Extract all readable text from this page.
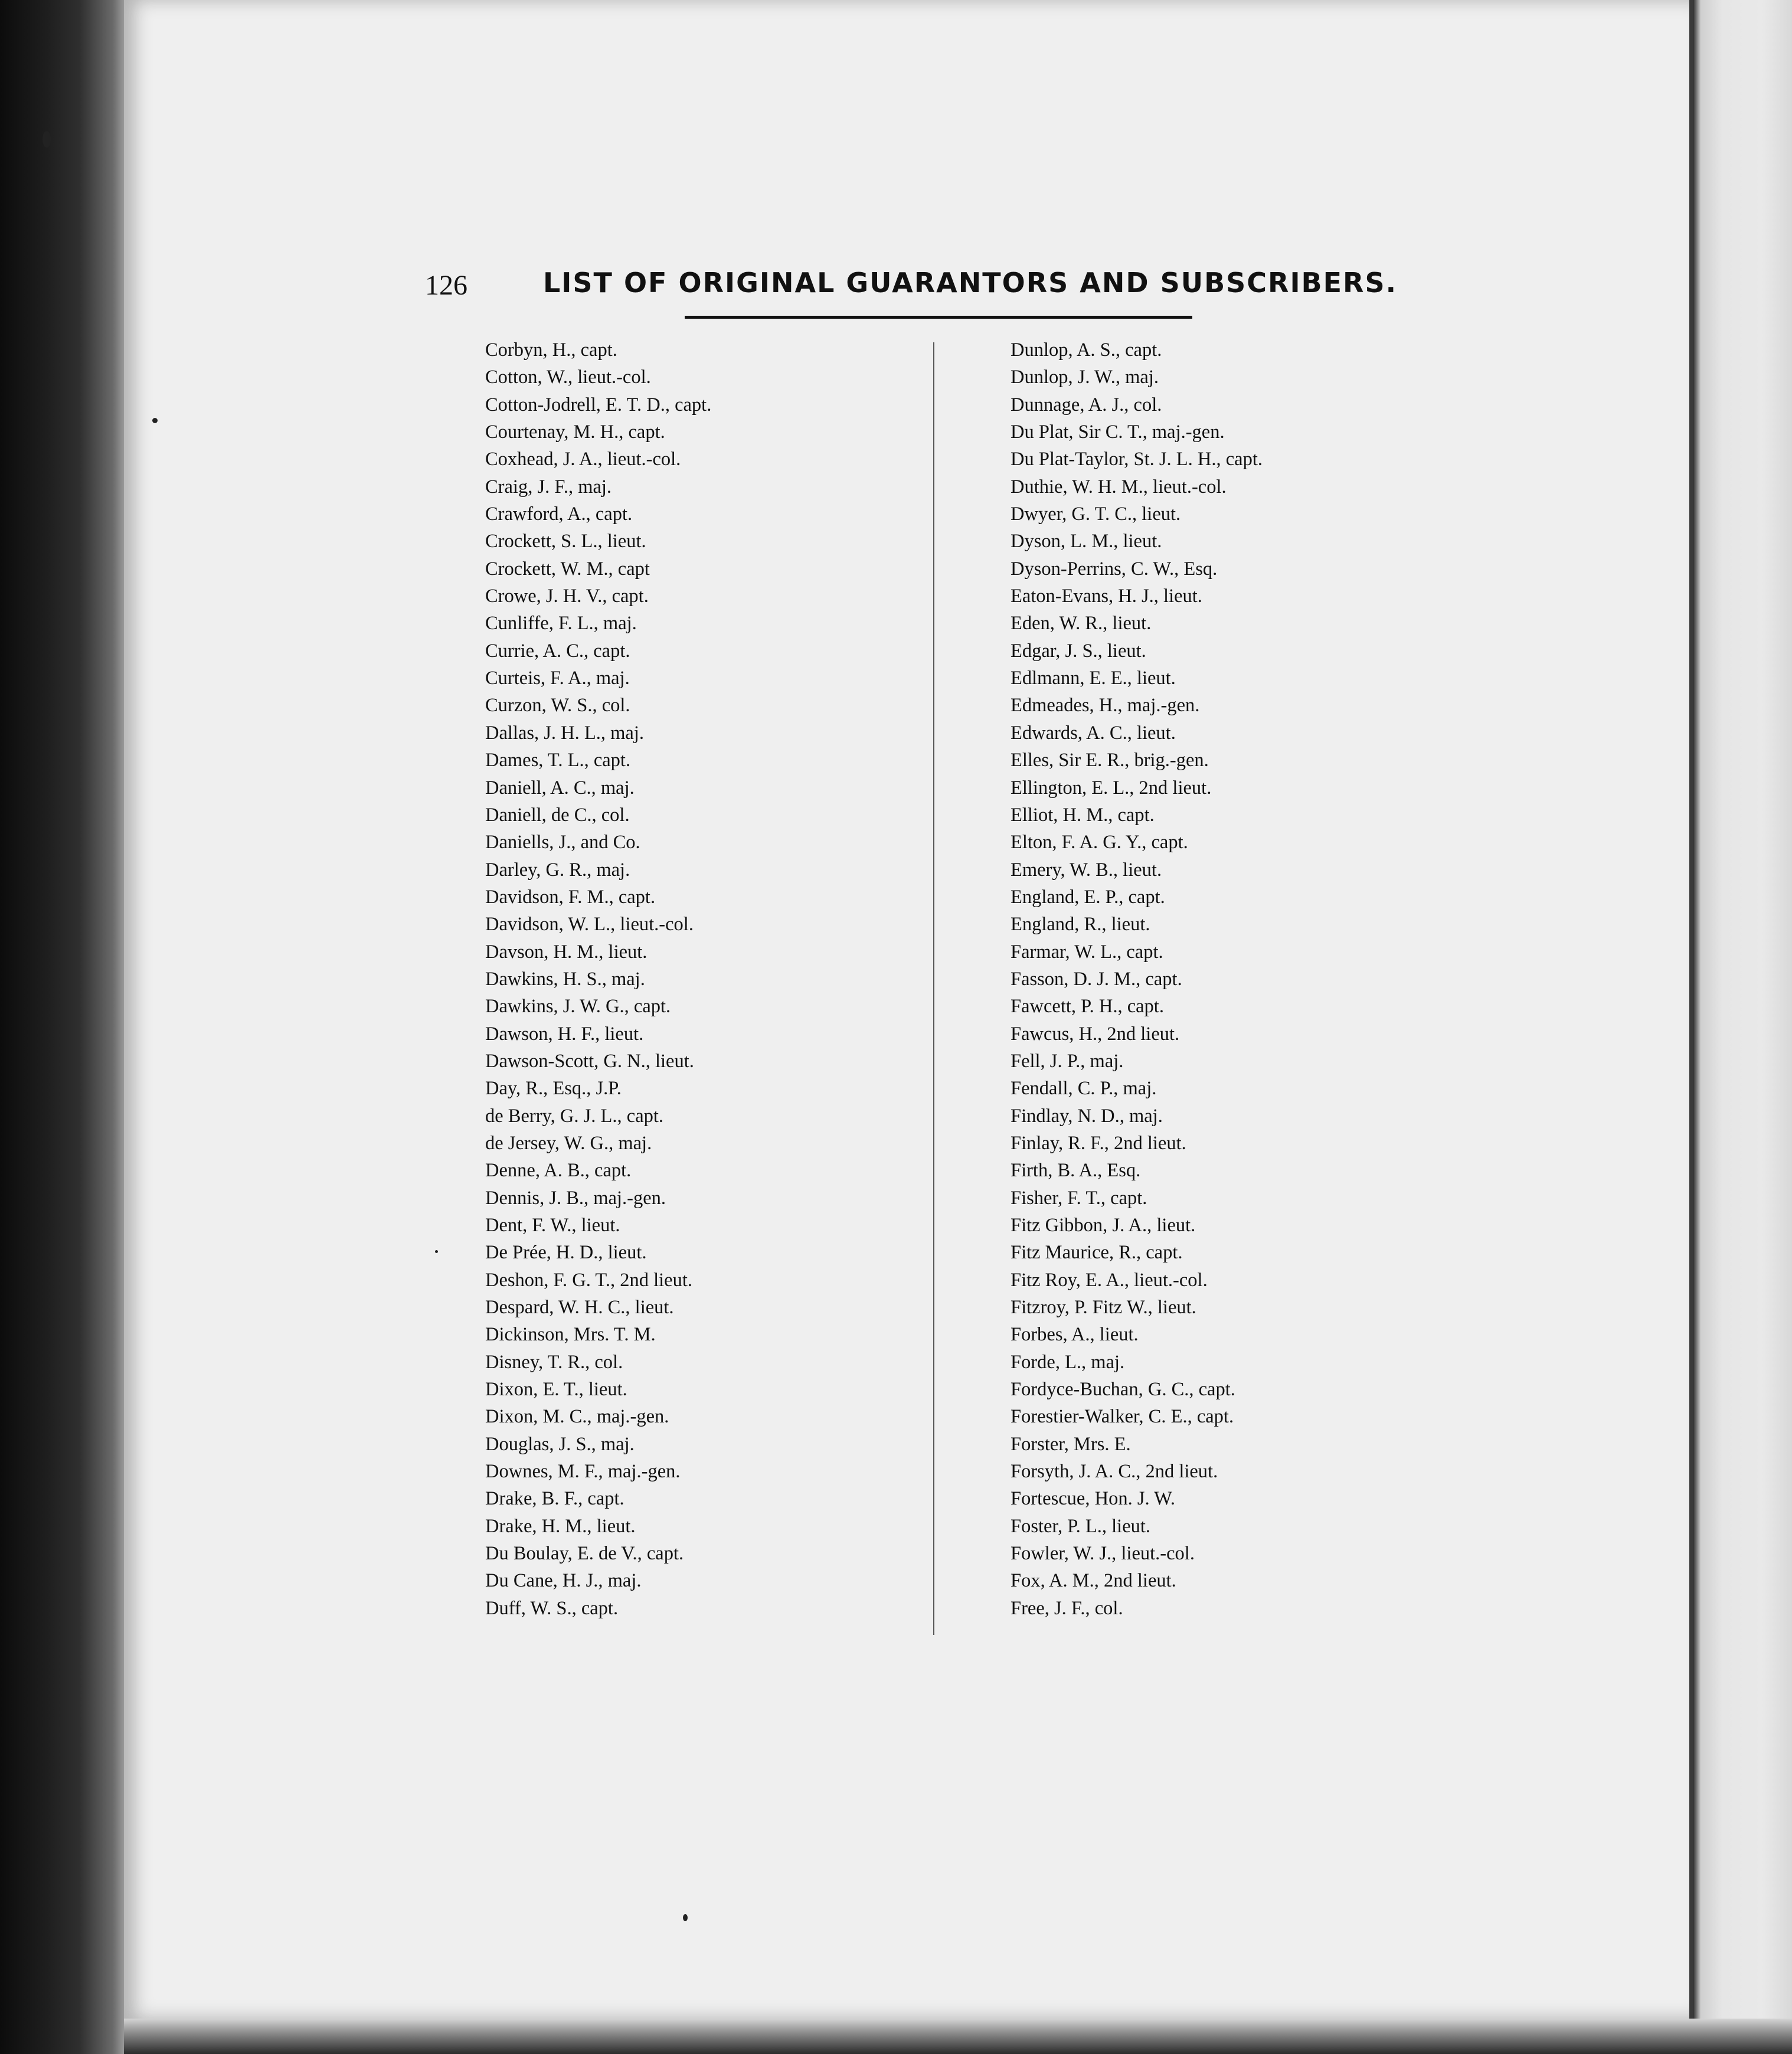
126	LIST OF ORIGINAL GUARANTORS AND SUBSCRIBERS.
Corbyn, H., capt.
Cotton, W., lieut.-col.
Cotton-Jodrell, E. T. D., capt.
Courtenay, M. H., capt.
Coxhead, J. A., lieut.-col.
Craig, J. F., maj.
Crawford, A., capt.
Crockett, S. L., lieut.
Crockett, W. M., capt
Crowe, J. H. V., capt.
Cunliffe, F. L., maj.
Currie, A. C., capt.
Curteis, F. A., maj.
Curzon, W. S., col.
Dallas, J. H. L., maj.
Dames, T. L., capt.
Daniell, A. C., maj.
Daniell, de C., col.
Daniells, J., and Co.
Darley, G. R., maj.
Davidson, F. M., capt.
Davidson, W. L., lieut.-col.
Davson, H. M., lieut.
Dawkins, H. S., maj.
Dawkins, J. W. G., capt.
Dawson, H. F., lieut.
Dawson-Scott, G. N., lieut.
Day, R., Esq., J.P.
de Berry, G. J. L., capt.
de Jersey, W. G., maj.
Denne, A. B., capt.
Dennis, J. B., maj.-gen.
Dent, F. W., lieut.
De Prée, H. D., lieut.
Deshon, F. G. T., 2nd lieut.
Despard, W. H. C., lieut.
Dickinson, Mrs. T. M.
Disney, T. R., col.
Dixon, E. T., lieut.
Dixon, M. C., maj.-gen.
Douglas, J. S., maj.
Downes, M. F., maj.-gen.
Drake, B. F., capt.
Drake, H. M., lieut.
Du Boulay, E. de V., capt.
Du Cane, H. J., maj.
Duff, W. S., capt.
Dunlop, A. S., capt.
Dunlop, J. W., maj.
Dunnage, A. J., col.
Du Plat, Sir C. T., maj.-gen.
Du Plat-Taylor, St. J. L. H., capt.
Duthie, W. H. M., lieut.-col.
Dwyer, G. T. C., lieut.
Dyson, L. M., lieut.
Dyson-Perrins, C. W., Esq.
Eaton-Evans, H. J., lieut.
Eden, W. R., lieut.
Edgar, J. S., lieut.
Edlmann, E. E., lieut.
Edmeades, H., maj.-gen.
Edwards, A. C., lieut.
Elles, Sir E. R., brig.-gen.
Ellington, E. L., 2nd lieut.
Elliot, H. M., capt.
Elton, F. A. G. Y., capt.
Emery, W. B., lieut.
England, E. P., capt.
England, R., lieut.
Farmar, W. L., capt.
Fasson, D. J. M., capt.
Fawcett, P. H., capt.
Fawcus, H., 2nd lieut.
Fell, J. P., maj.
Fendall, C. P., maj.
Findlay, N. D., maj.
Finlay, R. F., 2nd lieut.
Firth, B. A., Esq.
Fisher, F. T., capt.
Fitz Gibbon, J. A., lieut.
Fitz Maurice, R., capt.
Fitz Roy, E. A., lieut.-col.
Fitzroy, P. Fitz W., lieut.
Forbes, A., lieut.
Forde, L., maj.
Fordyce-Buchan, G. C., capt.
Forestier-Walker, C. E., capt.
Forster, Mrs. E.
Forsyth, J. A. C., 2nd lieut.
Fortescue, Hon. J. W.
Foster, P. L., lieut.
Fowler, W. J., lieut.-col.
Fox, A. M., 2nd lieut.
Free, J. F., col.
